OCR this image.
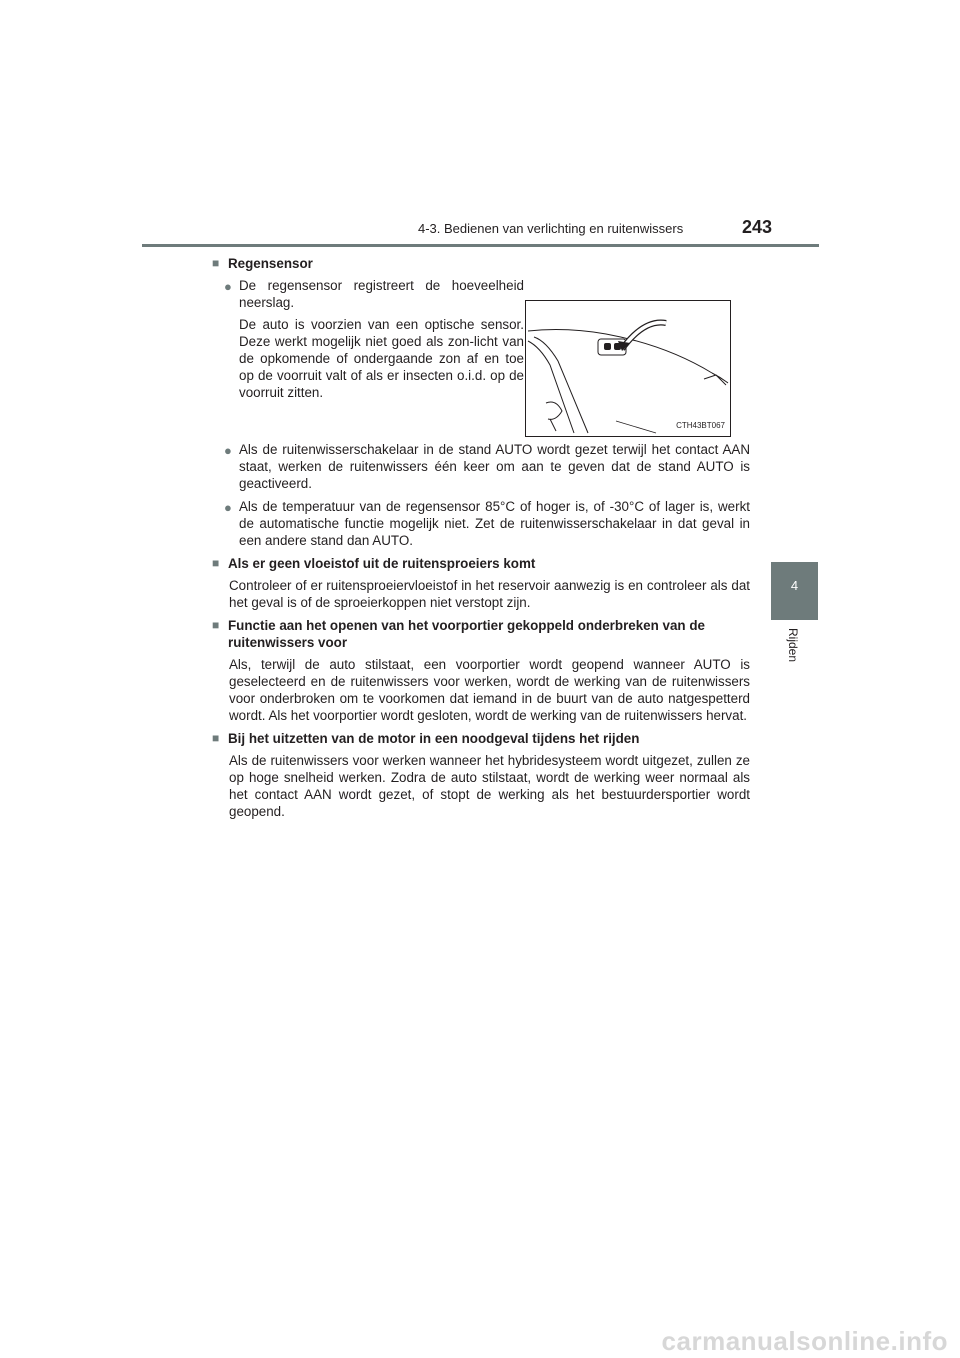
4-3. Bedienen van verlichting en ruitenwissers	243
4
Rijden
■ Regensensor
● De regensensor registreert de hoeveelheid neerslag.
De auto is voorzien van een optische sensor. Deze werkt mogelijk niet goed als zon-licht van de opkomende of ondergaande zon af en toe op de voorruit valt of als er insecten o.i.d. op de voorruit zitten.
CTH43BT067
● Als de ruitenwisserschakelaar in de stand AUTO wordt gezet terwijl het contact AAN staat, werken de ruitenwissers één keer om aan te geven dat de stand AUTO is geactiveerd.
● Als de temperatuur van de regensensor 85°C of hoger is, of -30°C of lager is, werkt de automatische functie mogelijk niet. Zet de ruitenwisserschakelaar in dat geval in een andere stand dan AUTO.
■ Als er geen vloeistof uit de ruitensproeiers komt
Controleer of er ruitensproeiervloeistof in het reservoir aanwezig is en controleer als dat het geval is of de sproeierkoppen niet verstopt zijn.
■ Functie aan het openen van het voorportier gekoppeld onderbreken van de ruitenwissers voor
Als, terwijl de auto stilstaat, een voorportier wordt geopend wanneer AUTO is geselecteerd en de ruitenwissers voor werken, wordt de werking van de ruitenwissers voor onderbroken om te voorkomen dat iemand in de buurt van de auto natgespetterd wordt. Als het voorportier wordt gesloten, wordt de werking van de ruitenwissers hervat.
■ Bij het uitzetten van de motor in een noodgeval tijdens het rijden
Als de ruitenwissers voor werken wanneer het hybridesysteem wordt uitgezet, zullen ze op hoge snelheid werken. Zodra de auto stilstaat, wordt de werking weer normaal als het contact AAN wordt gezet, of stopt de werking als het bestuurdersportier wordt geopend.
carmanualsonline.info
